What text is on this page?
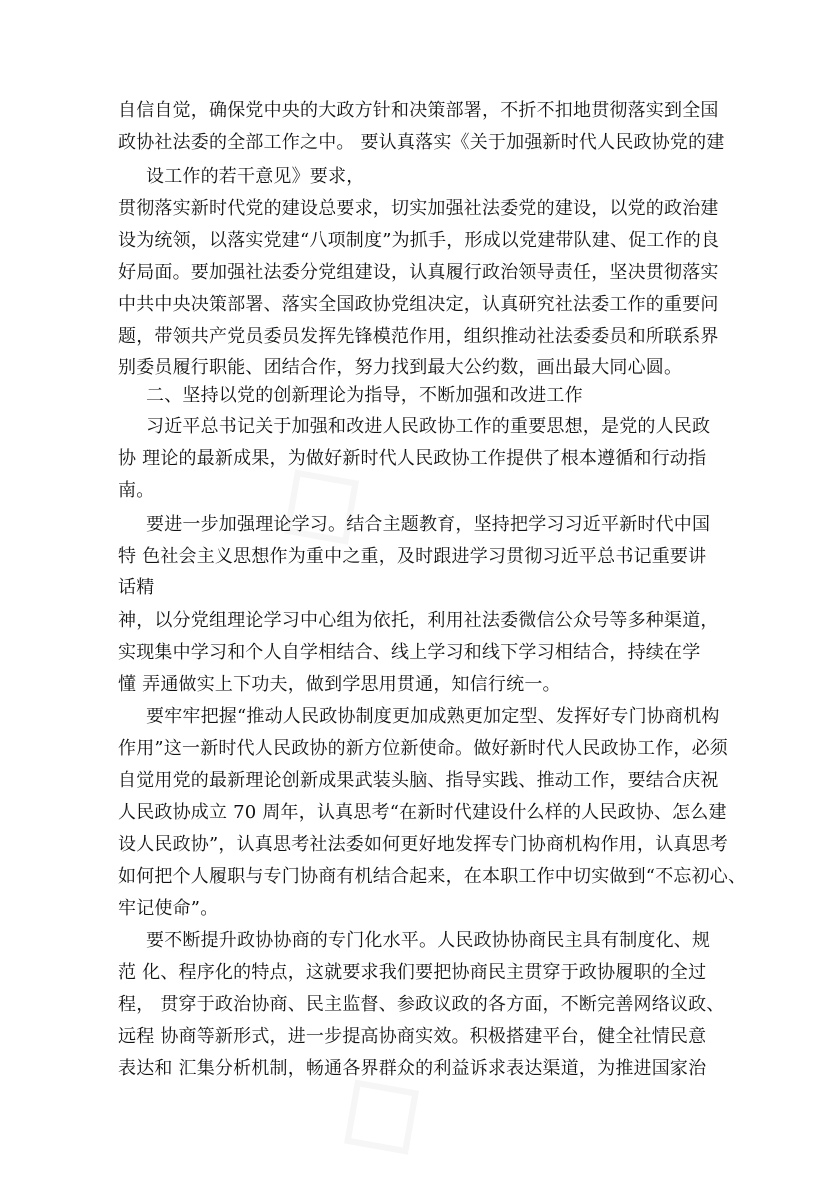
自信自觉，确保党中央的大政方针和决策部署，不折不扣地贯彻落实到全国
政协社法委的全部工作之中。 要认真落实《关于加强新时代人民政协党的建
设工作的若干意见》要求，
贯彻落实新时代党的建设总要求，切实加强社法委党的建设，以党的政治建
设为统领，以落实党建“八项制度”为抓手，形成以党建带队建、促工作的良
好局面。要加强社法委分党组建设，认真履行政治领导责任，坚决贯彻落实
中共中央决策部署、落实全国政协党组决定，认真研究社法委工作的重要问
题，带领共产党员委员发挥先锋模范作用，组织推动社法委委员和所联系界
别委员履行职能、团结合作，努力找到最大公约数，画出最大同心圆。
二、坚持以党的创新理论为指导，不断加强和改进工作
习近平总书记关于加强和改进人民政协工作的重要思想，是党的人民政
协 理论的最新成果，为做好新时代人民政协工作提供了根本遵循和行动指
南。
要进一步加强理论学习。结合主题教育，坚持把学习习近平新时代中国
特 色社会主义思想作为重中之重，及时跟进学习贯彻习近平总书记重要讲
话精
神，以分党组理论学习中心组为依托，利用社法委微信公众号等多种渠道，
实现集中学习和个人自学相结合、线上学习和线下学习相结合，持续在学
懂 弄通做实上下功夫，做到学思用贯通，知信行统一。
要牢牢把握“推动人民政协制度更加成熟更加定型、发挥好专门协商机构
作用”这一新时代人民政协的新方位新使命。做好新时代人民政协工作，必须
自觉用党的最新理论创新成果武装头脑、指导实践、推动工作，要结合庆祝
人民政协成立 70 周年，认真思考“在新时代建设什么样的人民政协、怎么建
设人民政协”，认真思考社法委如何更好地发挥专门协商机构作用，认真思考
如何把个人履职与专门协商有机结合起来，在本职工作中切实做到“不忘初心、
牢记使命”。
要不断提升政协协商的专门化水平。人民政协协商民主具有制度化、规
范 化、程序化的特点，这就要求我们要把协商民主贯穿于政协履职的全过
程， 贯穿于政治协商、民主监督、参政议政的各方面，不断完善网络议政、
远程 协商等新形式，进一步提高协商实效。积极搭建平台，健全社情民意
表达和 汇集分析机制，畅通各界群众的利益诉求表达渠道，为推进国家治
